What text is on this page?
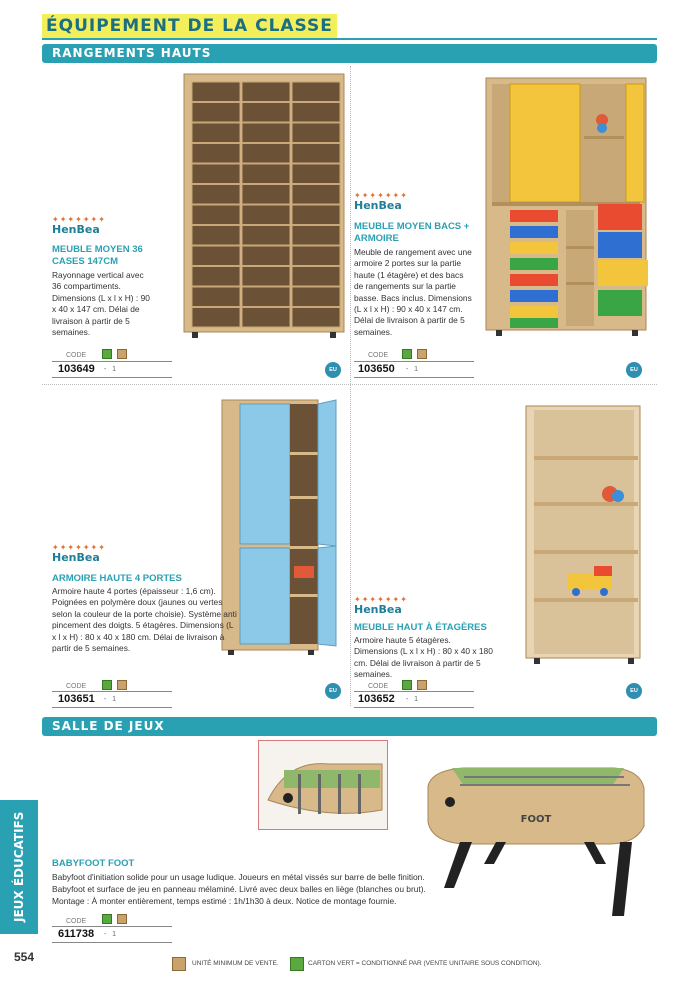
ÉQUIPEMENT DE LA CLASSE
RANGEMENTS HAUTS
✦✦✦✦✦✦✦
HenBea
MEUBLE MOYEN 36 CASES 147CM
Rayonnage vertical avec 36 compartiments. Dimensions (L x l x H) : 90 x 40 x 147 cm. Délai de livraison à partir de 5 semaines.
CODE
103649 -   1	EU
✦✦✦✦✦✦✦
HenBea
MEUBLE MOYEN BACS + ARMOIRE
Meuble de rangement avec une armoire 2 portes sur la partie haute (1 étagère) et des bacs de rangements sur la partie basse. Bacs inclus. Dimensions (L x l x H) : 90 x 40 x 147 cm. Délai de livraison à partir de 5 semaines.
CODE
103650 -   1	EU
✦✦✦✦✦✦✦
HenBea
ARMOIRE HAUTE 4 PORTES
Armoire haute 4 portes (épaisseur : 1,6 cm). Poignées en polymère doux (jaunes ou vertes selon la couleur de la porte choisie). Système anti pincement des doigts. 5 étagères. Dimensions (L x l x H) : 80 x 40 x 180 cm. Délai de livraison à partir de 5 semaines.
CODE
103651 -   1
EU
✦✦✦✦✦✦✦
HenBea
MEUBLE HAUT À ÉTAGÈRES
Armoire haute 5 étagères. Dimensions (L x l x H) : 80 x 40 x 180 cm. Délai de livraison à partir de 5 semaines.
CODE
103652 -   1
EU
SALLE DE JEUX
FOOT
BABYFOOT FOOT
Babyfoot d'initiation solide pour un usage ludique. Joueurs en métal vissés sur barre de belle finition.
Babyfoot et surface de jeu en panneau mélaminé. Livré avec deux balles en liège (blanches ou brut).
Montage : À monter entièrement, temps estimé : 1h/1h30 à deux. Notice de montage fournie.
CODE
611738 -   1
JEUX ÉDUCATIFS
554	UNITÉ MINIMUM DE VENTE.	CARTON VERT = CONDITIONNÉ PAR (VENTE UNITAIRE SOUS CONDITION).
